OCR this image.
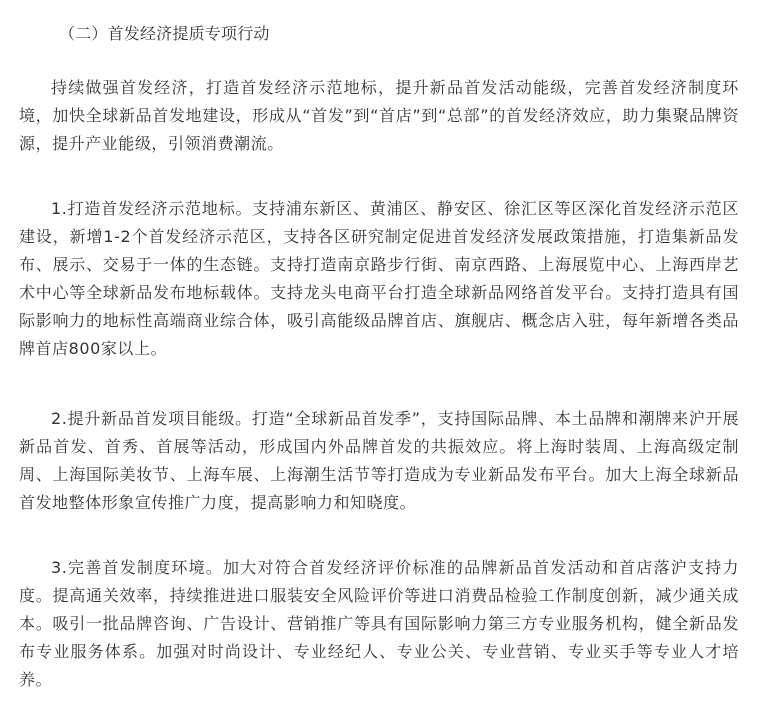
（二）首发经济提质专项行动

持续做强首发经济，打造首发经济示范地标，提升新品首发活动能级，完善首发经济制度环境，加快全球新品首发地建设，形成从“首发”到“首店”到“总部”的首发经济效应，助力集聚品牌资源，提升产业能级，引领消费潮流。

1.打造首发经济示范地标。支持浦东新区、黄浦区、静安区、徐汇区等区深化首发经济示范区建设，新增1-2个首发经济示范区，支持各区研究制定促进首发经济发展政策措施，打造集新品发布、展示、交易于一体的生态链。支持打造南京路步行街、南京西路、上海展览中心、上海西岸艺术中心等全球新品发布地标载体。支持龙头电商平台打造全球新品网络首发平台。支持打造具有国际影响力的地标性高端商业综合体，吸引高能级品牌首店、旗舰店、概念店入驻，每年新增各类品牌首店800家以上。

2.提升新品首发项目能级。打造“全球新品首发季”，支持国际品牌、本土品牌和潮牌来沪开展新品首发、首秀、首展等活动，形成国内外品牌首发的共振效应。将上海时装周、上海高级定制周、上海国际美妆节、上海车展、上海潮生活节等打造成为专业新品发布平台。加大上海全球新品首发地整体形象宣传推广力度，提高影响力和知晓度。

3.完善首发制度环境。加大对符合首发经济评价标准的品牌新品首发活动和首店落沪支持力度。提高通关效率，持续推进进口服装安全风险评价等进口消费品检验工作制度创新，减少通关成本。吸引一批品牌咨询、广告设计、营销推广等具有国际影响力第三方专业服务机构，健全新品发布专业服务体系。加强对时尚设计、专业经纪人、专业公关、专业营销、专业买手等专业人才培养。
